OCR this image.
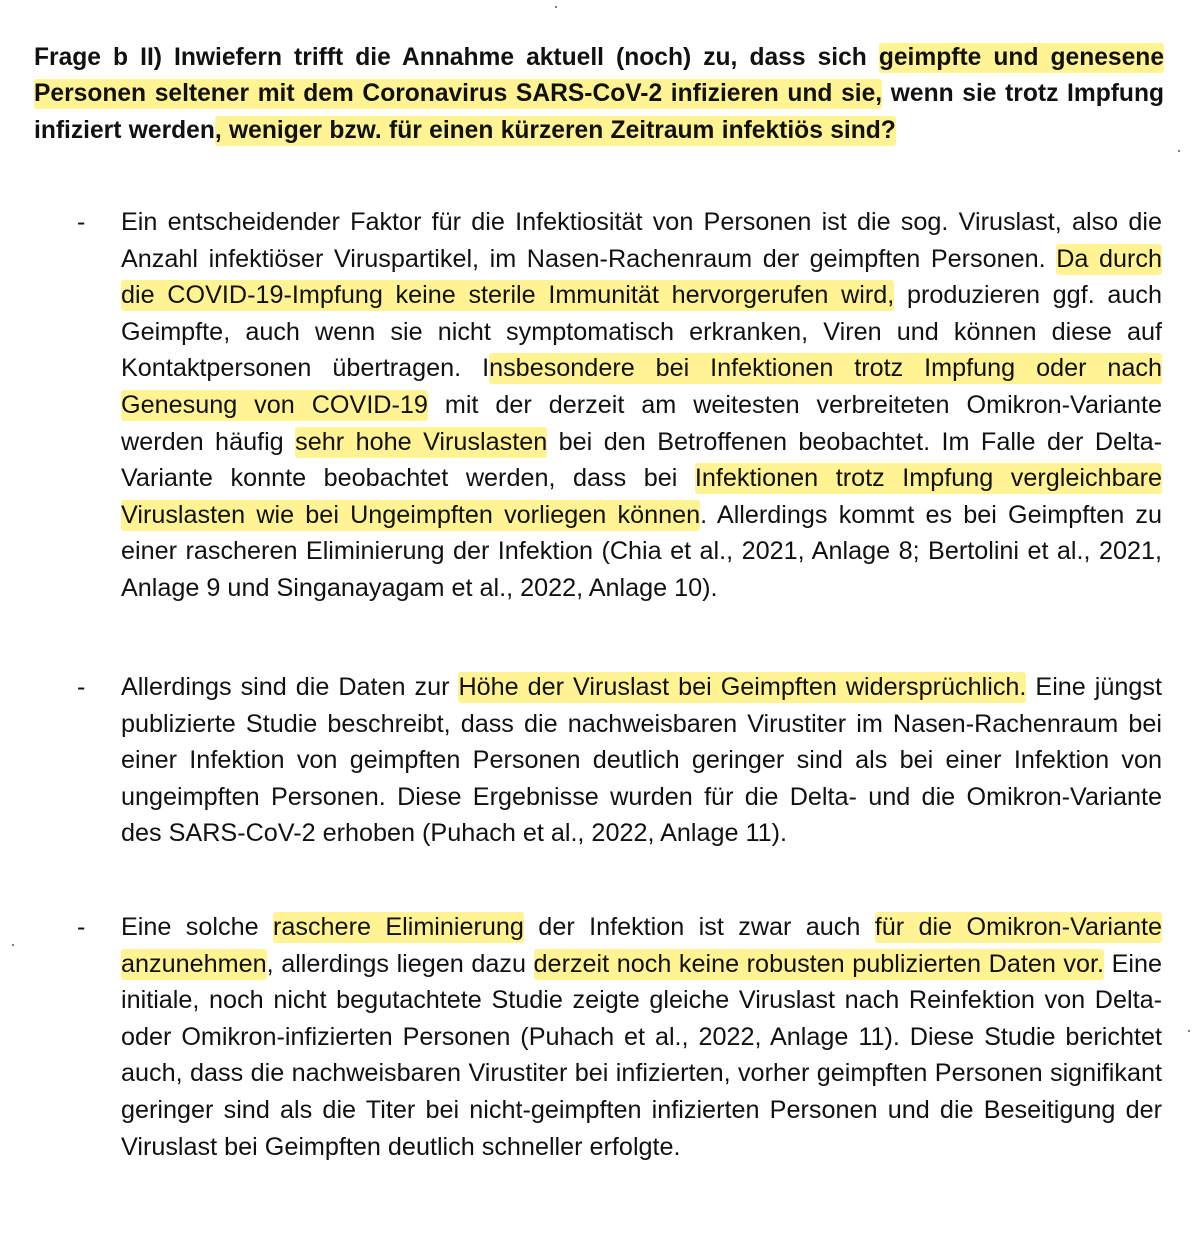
Frage b II) Inwiefern trifft die Annahme aktuell (noch) zu, dass sich geimpfte und genesene Personen seltener mit dem Coronavirus SARS-CoV-2 infizieren und sie, wenn sie trotz Impfung infiziert werden, weniger bzw. für einen kürzeren Zeitraum infektiös sind?
- Ein entscheidender Faktor für die Infektiosität von Personen ist die sog. Viruslast, also die Anzahl infektiöser Viruspartikel, im Nasen-Rachenraum der geimpften Personen. Da durch die COVID-19-Impfung keine sterile Immunität hervorgerufen wird, produzieren ggf. auch Geimpfte, auch wenn sie nicht symptomatisch erkranken, Viren und können diese auf Kontaktpersonen übertragen. Insbesondere bei Infektionen trotz Impfung oder nach Genesung von COVID-19 mit der derzeit am weitesten verbreiteten Omikron-Variante werden häufig sehr hohe Viruslasten bei den Betroffenen beobachtet. Im Falle der Delta-Variante konnte beobachtet werden, dass bei Infektionen trotz Impfung vergleichbare Viruslasten wie bei Ungeimpften vorliegen können. Allerdings kommt es bei Geimpften zu einer rascheren Eliminierung der Infektion (Chia et al., 2021, Anlage 8; Bertolini et al., 2021, Anlage 9 und Singanayagam et al., 2022, Anlage 10).
- Allerdings sind die Daten zur Höhe der Viruslast bei Geimpften widersprüchlich. Eine jüngst publizierte Studie beschreibt, dass die nachweisbaren Virustiter im Nasen-Rachenraum bei einer Infektion von geimpften Personen deutlich geringer sind als bei einer Infektion von ungeimpften Personen. Diese Ergebnisse wurden für die Delta- und die Omikron-Variante des SARS-CoV-2 erhoben (Puhach et al., 2022, Anlage 11).
- Eine solche raschere Eliminierung der Infektion ist zwar auch für die Omikron-Variante anzunehmen, allerdings liegen dazu derzeit noch keine robusten publizierten Daten vor. Eine initiale, noch nicht begutachtete Studie zeigte gleiche Viruslast nach Reinfektion von Delta- oder Omikron-infizierten Personen (Puhach et al., 2022, Anlage 11). Diese Studie berichtet auch, dass die nachweisbaren Virustiter bei infizierten, vorher geimpften Personen signifikant geringer sind als die Titer bei nicht-geimpften infizierten Personen und die Beseitigung der Viruslast bei Geimpften deutlich schneller erfolgte.
